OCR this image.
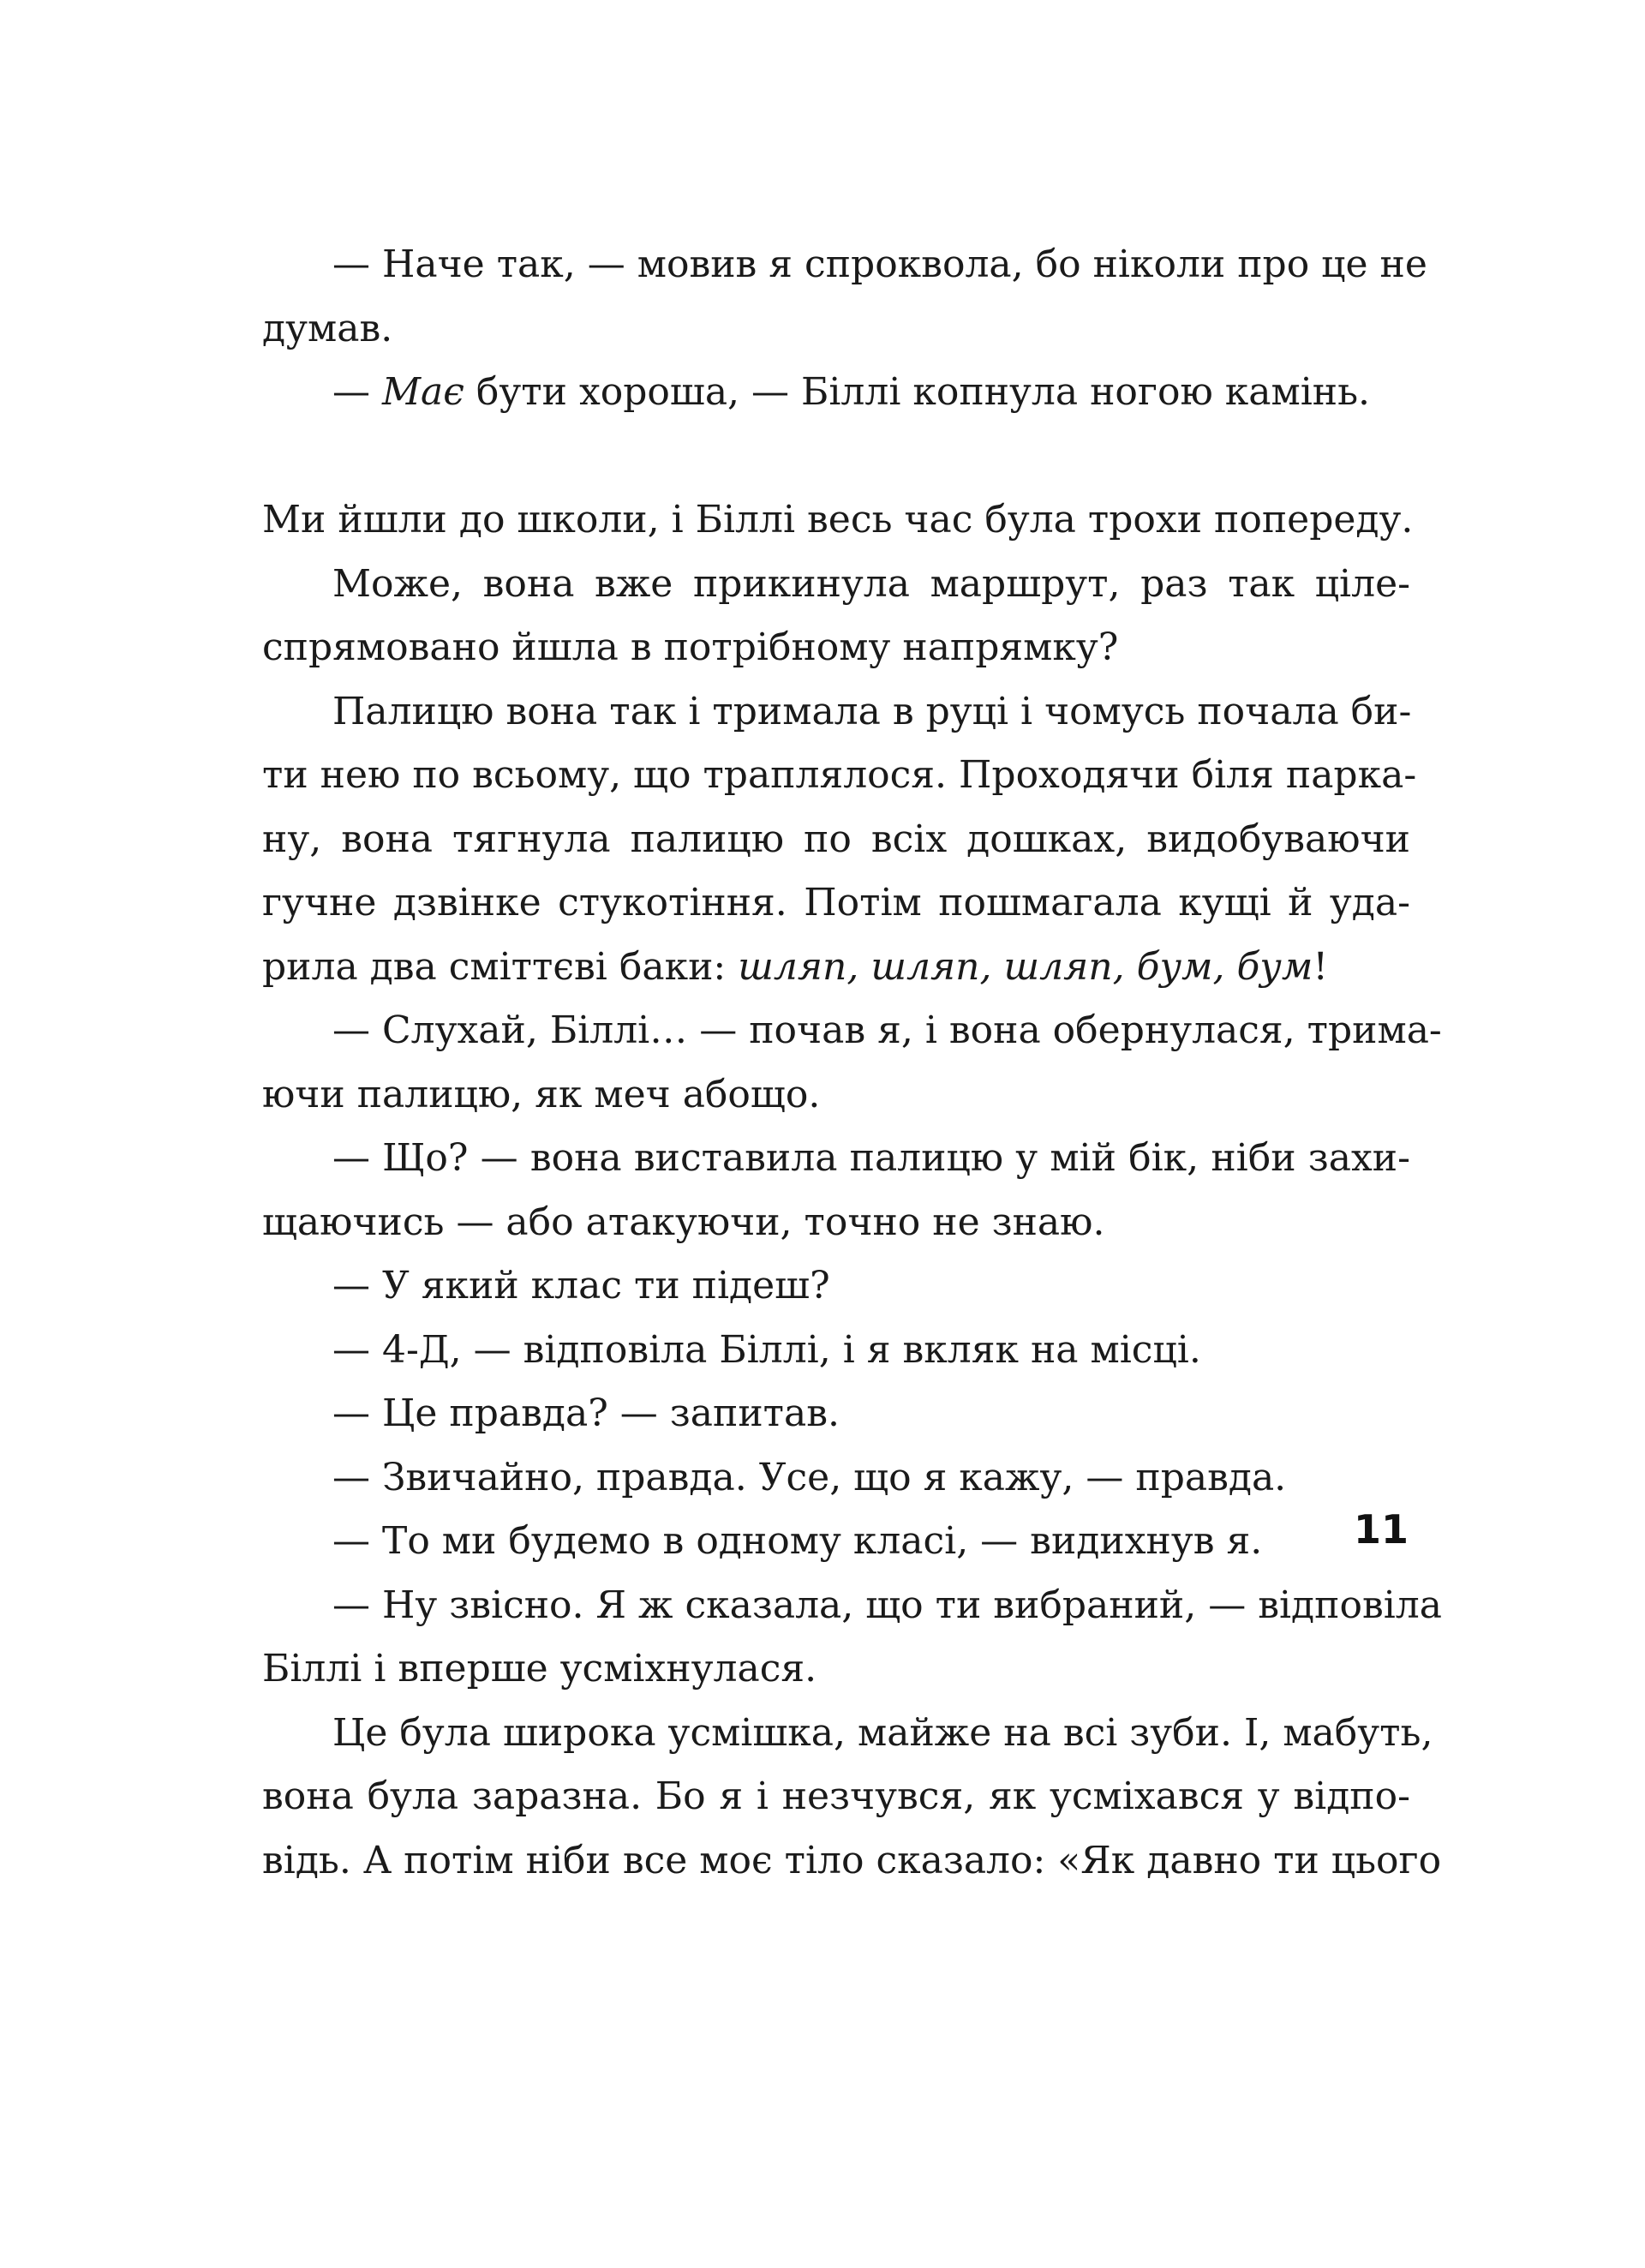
— Наче так, — мовив я спроквола, бо ніколи про це не
думав.
— Має бути хороша, — Біллі копнула ногою камінь.
Ми йшли до школи, і Біллі весь час була трохи попереду.
Може, вона вже прикинула маршрут, раз так ціле-
спрямовано йшла в потрібному напрямку?
Палицю вона так і тримала в руці і чомусь почала би-
ти нею по всьому, що траплялося. Проходячи біля парка-
ну, вона тягнула палицю по всіх дошках, видобуваючи
гучне дзвінке стукотіння. Потім пошмагала кущі й уда-
рила два сміттєві баки: шляп, шляп, шляп, бум, бум!
— Слухай, Біллі… — почав я, і вона обернулася, трима-
ючи палицю, як меч абощо.
— Що? — вона виставила палицю у мій бік, ніби захи-
щаючись — або атакуючи, точно не знаю.
— У який клас ти підеш?
— 4-Д, — відповіла Біллі, і я вкляк на місці.
— Це правда? — запитав.
— Звичайно, правда. Усе, що я кажу, — правда.
— То ми будемо в одному класі, — видихнув я.
— Ну звісно. Я ж сказала, що ти вибраний, — відповіла
Біллі і вперше усміхнулася.
Це була широка усмішка, майже на всі зуби. І, мабуть,
вона була заразна. Бо я і незчувся, як усміхався у відпо-
відь. А потім ніби все моє тіло сказало: «Як давно ти цього
11
